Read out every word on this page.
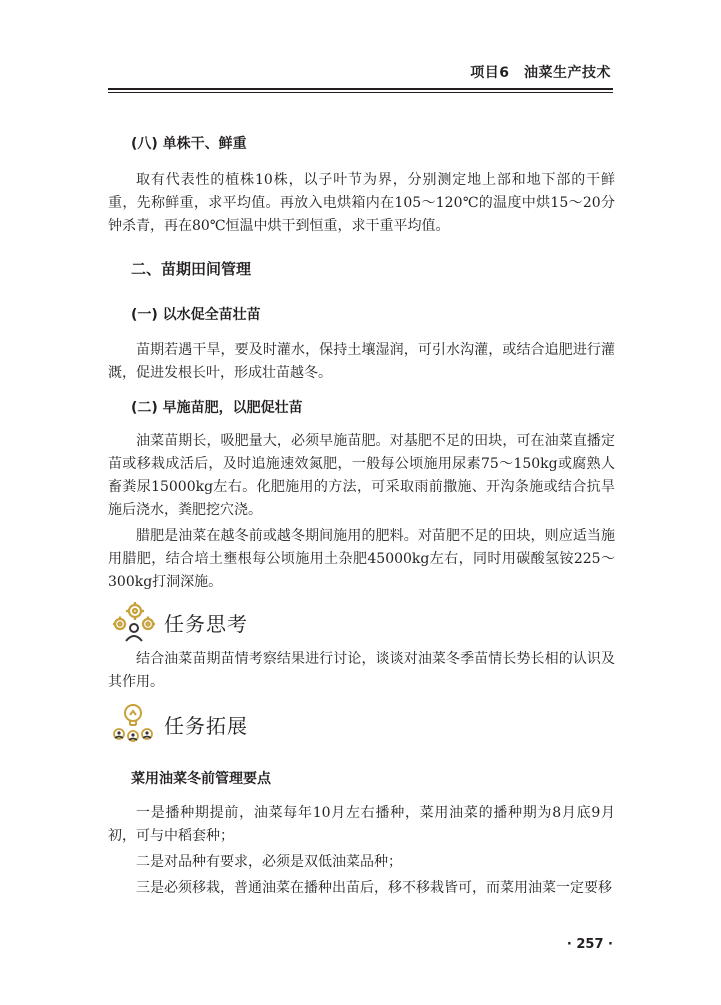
项目6　油菜生产技术
(八) 单株干、鲜重

取有代表性的植株10株，以子叶节为界，分别测定地上部和地下部的干鲜重，先称鲜重，求平均值。再放入电烘箱内在105～120℃的温度中烘15～20分钟杀青，再在80℃恒温中烘干到恒重，求干重平均值。

二、苗期田间管理
(一) 以水促全苗壮苗

苗期若遇干旱，要及时灌水，保持土壤湿润，可引水沟灌，或结合追肥进行灌溉，促进发根长叶，形成壮苗越冬。

(二) 早施苗肥，以肥促壮苗

油菜苗期长，吸肥量大，必须早施苗肥。对基肥不足的田块，可在油菜直播定苗或移栽成活后，及时追施速效氮肥，一般每公顷施用尿素75～150kg或腐熟人畜粪尿15000kg左右。化肥施用的方法，可采取雨前撒施、开沟条施或结合抗旱施后浇水，粪肥挖穴浇。

腊肥是油菜在越冬前或越冬期间施用的肥料。对苗肥不足的田块，则应适当施用腊肥，结合培土壅根每公顷施用土杂肥45000kg左右，同时用碳酸氢铵225～300kg打洞深施。

任务思考

结合油菜苗期苗情考察结果进行讨论，谈谈对油菜冬季苗情长势长相的认识及其作用。

任务拓展
菜用油菜冬前管理要点

一是播种期提前，油菜每年10月左右播种，菜用油菜的播种期为8月底9月初，可与中稻套种；

二是对品种有要求，必须是双低油菜品种；

三是必须移栽，普通油菜在播种出苗后，移不移栽皆可，而菜用油菜一定要移

· 257 ·
